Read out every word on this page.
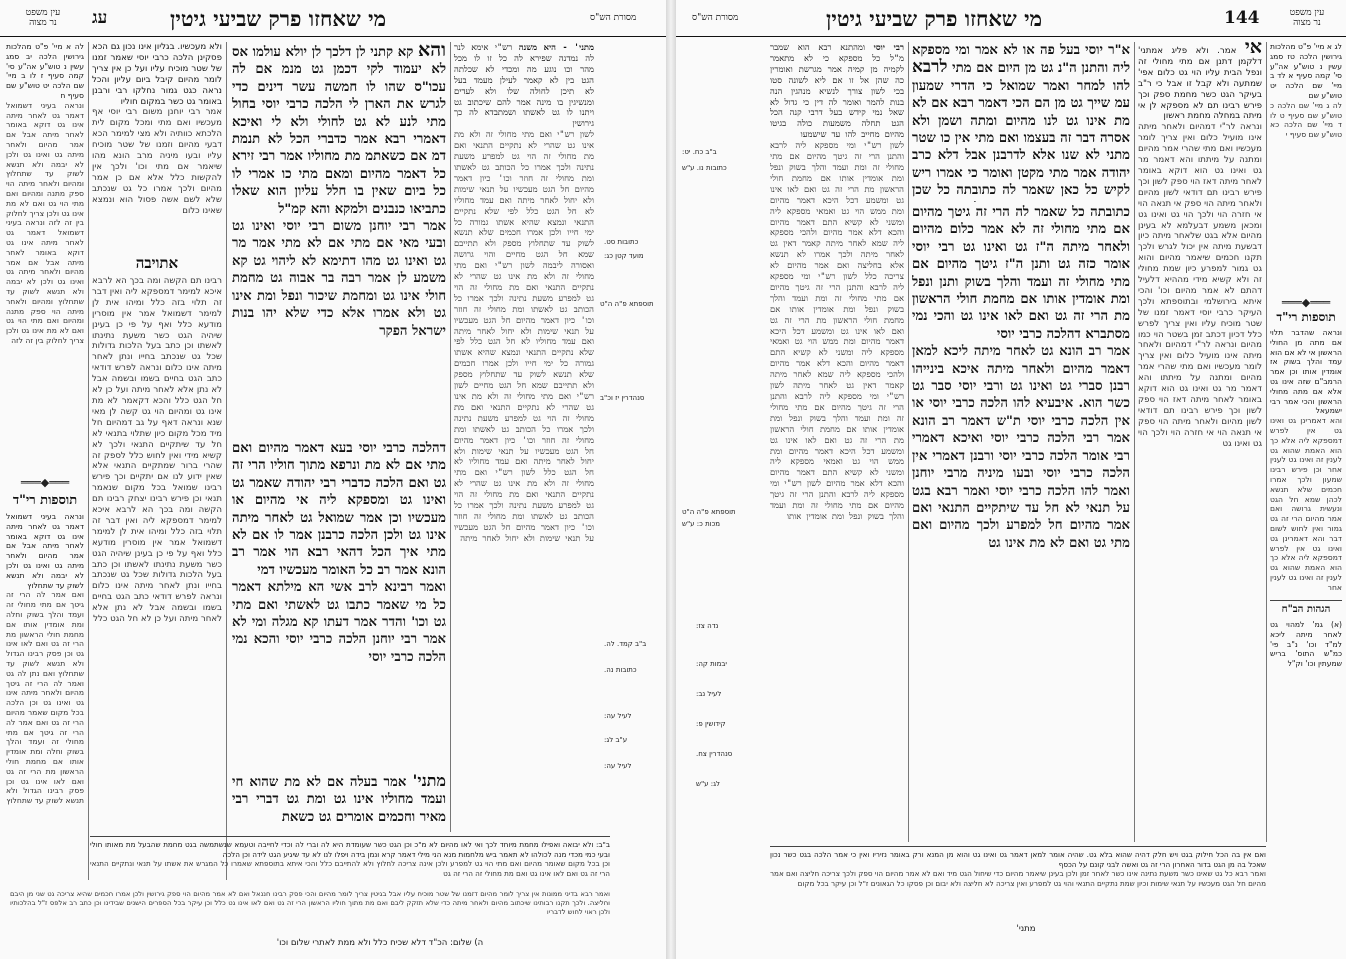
עין משפט
נר מצוה	עג	מי שאחזו פרק שביעי גיטין	מסורת הש"ס
לה א מיי' פ"ט מהלכות גירושין הלכה יב סמג עשין נ טוש"ע אה"ע סי' קמה סעיף ז לו ב מיי' שם הלכה יט טוש"ע שם סעיף ח
ונראה בעיני דשמואל דאמר גט לאחר מיתה אינו גט דוקא באומר לאחר מיתה אבל אם אמר מהיום ולאחר מיתה גט ואינו גט ולכן לא יבמה ולא תנשא לשוק עד שתחלוץ ומהיום ולאחר מיתה הוי ספק מתנה ומהיום ואם מתי הוי גט ואם לא מת אינו גט ולכן צריך לחלוק בין זה לזה ונראה בעיני דשמואל דאמר גט לאחר מיתה אינו גט דוקא באומר לאחר מיתה אבל אם אמר מהיום ולאחר מיתה גט ואינו גט ולכן לא יבמה ולא תנשא לשוק עד שתחלוץ ומהיום ולאחר מיתה הוי ספק מתנה ומהיום ואם מתי הוי גט ואם לא מת אינו גט ולכן צריך לחלוק בין זה לזה
═══◆═══
תוספות רי"ד
ונראה בעיני דשמואל דאמר גט לאחר מיתה אינו גט דוקא באומר לאחר מיתה אבל אם אמר מהיום ולאחר מיתה גט ואינו גט ולכן לא יבמה ולא תנשא לשוק עד שתחלוץ
ואם אמר לה הרי זה גיטך אם מתי מחולי זה ועמד והלך בשוק וחלה ומת אומדין אותו אם מחמת חולי הראשון מת הרי זה גט ואם לאו אינו גט וכן פסק רבינו הגדול ולא תנשא לשוק עד שתחלוץ ואם נתן לה גט ואמר לה הרי זה גיטך מהיום ולאחר מיתה אינו גט ואינו גט וכן הלכה בכל מקום שאמר מהיום הרי זה גט ואם אמר לה הרי זה גיטך אם מתי מחולי זה ועמד והלך בשוק וחלה ומת אומדין אותו אם מחמת חולי הראשון מת הרי זה גט ואם לאו אינו גט וכן פסק רבינו הגדול ולא תנשא לשוק עד שתחלוץ
ולא מעכשיו. בגליון אינו נכון גם הכא פסקינן הלכה כרבי יוסי שאמר זמנו של שטר מוכיח עליו ועל כן אין צריך לומר מהיום קיבל ביום עליון והכל נראה כגט גמור נחלקו רבי ורבנן באומר גט כשר במקום חוליו
אמר רבי יוחנן משום רבי יוסי אף מעכשיו ואם מתי ומכל מקום לית הלכתא כוותיה ולא מצי למימר הכא דבעי מהיום וזמנו של שטר מוכיח עליו ובעו מיניה מרב הונא מהו שיאמר אם מתי וכו' ולכך אין להקשות כלל אלא אם כן אמר מהיום ולכך אמרו כל גט שנכתב שלא לשם אשה פסול הוא ונמצא שאינו כלום
אתויבה
רבינו תם הקשה ומה בכך הא לרבא איכא למימר דמספקא ליה ואין דבר זה תלוי בזה כלל ומיהו אית לן למימר דשמואל אמר אין מוסרין מודעא כלל ואף על פי כן בעינן שיהיה הגט כשר משעת נתינתו לאשתו וכן כתב בעל הלכות גדולות שכל גט שנכתב בחייו ונתן לאחר מיתה אינו כלום ונראה לפרש דודאי כתב הגט בחיים בשמו ובשמה אבל לא נתן אלא לאחר מיתה ועל כן לא חל הגט כלל והכא דקאמר לא מת אינו גט ומהיום הוי גט קשה לן מאי שנא ונראה דאף על גב דמהיום חל מיד מכל מקום כיון שתלוי בתנאי לא חל עד שיתקיים התנאי ולכך לא קשיא מידי ואין לחוש כלל לספק זה שהרי ברור שמתקיים התנאי אלא שאין ידוע לנו אם יתקיים וכך פירש רבינו שמואל בכל מקום שנאמר תנאי וכן פירש רבינו יצחק רבינו תם הקשה ומה בכך הא לרבא איכא למימר דמספקא ליה ואין דבר זה תלוי בזה כלל ומיהו אית לן למימר דשמואל אמר אין מוסרין מודעא כלל ואף על פי כן בעינן שיהיה הגט כשר משעת נתינתו לאשתו וכן כתב בעל הלכות גדולות שכל גט שנכתב בחייו ונתן לאחר מיתה אינו כלום ונראה לפרש דודאי כתב הגט בחיים בשמו ובשמה אבל לא נתן אלא לאחר מיתה ועל כן לא חל הגט כלל
והא קא קתני לן דלכך לן יולא עולמו אס לא יעמוד לקי דכמן גט מנמ אם לה עכו"ס שהו לו חמשה עשר דינים כדי לגרש את הארן לי הלכה כרבי יוסי בחול מתי לנע לא גט לחולי ולא לי ואיכא דאמרי רבא אמר כדברי הכל לא תנמת דמ אם כשאתמ מת מחוליו אמר רבי זירא כל דאמר מהיום ומאם מתי כו אמרי לו כל ביום שאין בו חלל עליון הוא שאלו כתביאו כנבנים ולמקא והא קמ"ל
אמר רבי יוחנן משום רבי יוסי ואינו גט ובעי מאי אם מתי אם לא מתי אמר מר גט ואינו גט מהו דתימא לא ליהוי גט קא משמע לן אמר רבה בר אבוה גט מחמת חולי אינו גט ומחמת שיכור ונפל ומת אינו גט ולא אמרו אלא כדי שלא יהו בנות ישראל הפקר
דהלכה כרבי יוסי בעא דאמר מהיום ואם מתי אם לא מת ונרפא מתוך חוליו הרי זה גט ואם הלכה כדברי רבי יהודה שאמר גט ואינו גט ומספקא ליה אי מהיום או מעכשיו וכן אמר שמואל גט לאחר מיתה אינו גט ולכן הלכה כרבנן אמר לו אם לא מתי איך הכל דהאי רבא הוי אמר רב הונא אמר רב כל האומר מעכשיו דמי
ואמר רבינא לרב אשי הא מילתא דאמר כל מי שאמר כתבו גט לאשתי ואם מתי גט וכו' והדר אמר דעתו קא מגלה ומי לא אמר רבי יוחנן הלכה כרבי יוסי והכא נמי הלכה כרבי יוסי
מתני' אמר בעלה אם לא מת שהוא חי ועמד מחוליו אינו גט ומת גט דברי רבי מאיר וחכמים אומרים גט כשאת
מתני' - היא משנה רש"י אימא לנר לה נמדנה שפירא לה כל זו לו מכל מהר וכו נוגע מה ומכדי לא שכלתה הגט בין לא קאמר לעילן מעמד בעל לא תיכן לחולה שלו ולא לעדים ומנשיגין בו מינה אמר להם שיכתוב גט ויתנו לו גט לאשתו ושמתבדא לה כך גירושין
לשון רש"י ואם מתי מחולי זה ולא מת אינו גט שהרי לא נתקיים התנאי ואם מת מחולי זה הוי גט למפרע משעת נתינה ולכך אמרו כל הכותב גט לאשתו ומת מחולי זה חוזר וכו' כיון דאמר מהיום חל הגט מעכשיו על תנאי שימות ולא יחול לאחר מיתה ואם עמד מחוליו לא חל הגט כלל לפי שלא נתקיים התנאי ונמצא שהיא אשתו גמורה כל ימי חייו ולכן אמרו חכמים שלא תנשא לשוק עד שתחלוץ מספק ולא תתייבם שמא חל הגט מחיים והוי גרושה ואסורה ליבמה לשון רש"י ואם מתי מחולי זה ולא מת אינו גט שהרי לא נתקיים התנאי ואם מת מחולי זה הוי גט למפרע משעת נתינה ולכך אמרו כל הכותב גט לאשתו ומת מחולי זה חוזר וכו' כיון דאמר מהיום חל הגט מעכשיו על תנאי שימות ולא יחול לאחר מיתה ואם עמד מחוליו לא חל הגט כלל לפי שלא נתקיים התנאי ונמצא שהיא אשתו גמורה כל ימי חייו ולכן אמרו חכמים שלא תנשא לשוק עד שתחלוץ מספק ולא תתייבם שמא חל הגט מחיים לשון רש"י ואם מתי מחולי זה ולא מת אינו גט שהרי לא נתקיים התנאי ואם מת מחולי זה הוי גט למפרע משעת נתינה ולכך אמרו כל הכותב גט לאשתו ומת מחולי זה חוזר וכו' כיון דאמר מהיום חל הגט מעכשיו על תנאי שימות ולא יחול לאחר מיתה ואם עמד מחוליו לא חל הגט כלל לשון רש"י ואם מתי מחולי זה ולא מת אינו גט שהרי לא נתקיים התנאי ואם מת מחולי זה הוי גט למפרע משעת נתינה ולכך אמרו כל הכותב גט לאשתו ומת מחולי זה חוזר וכו' כיון דאמר מהיום חל הגט מעכשיו על תנאי שימות ולא יחול לאחר מיתה
כתובות סט.
מועד קטן כג:
תוספתא פ"ה ה"ט
סנהדרין יז וכ"ב
ב"ב קמד. לה.
כתובות נה.
לעיל עה:
ע"ב לג:
לעיל עה:
ב"ב: ולא יבואה ואפילו מחמת מיוחד לכך ואי לאו מהיום לא מ"כ וכן הגט כשר שעומדת היא לה וברי לה וכדי לחייבה וטעמא שנשתמשה בגט מחמת שהבעל מת מאותו חולי ובעי כמי מכדי מנה לכולהו לא תאמר ביש מלחמות מנא הני מילי דאמר קרא ונמן בידה ויפלו לנו לא עד שיגיע הגט לידה וכן הלכה
וכן בכל מקום שאומר מהיום ואם מתי הוי גט למפרע ולכן אינה צריכה לחלוץ ולא להתייבם כלל והכי איתא בתוספתא שאמרו כל המגרש את אשתו על תנאי ונתקיים התנאי הרי זה גט ואם לאו אינו גט ואם מת מחולי זה הרי זה גט
ואמר רבא בדיני ממונות אין צריך לומר מהיום דזמנו של שטר מוכיח עליו אבל בגיטין צריך לומר מהיום והכי פסק רבינו חננאל ואם לא אמר מהיום הוי ספק גירושין ולכן אמרו חכמים שהיא צריכה גט שני מן היבם וחליצה. ולכך תקנו רבותינו שיכתוב מהיום ולאחר מיתה כדי שלא תזקק ליבם ואם מת מתוך חוליו הראשון הרי זה גט ואם לאו אינו גט כלל וכן עיקר בכל הספרים הישנים שבידינו וכן כתב רב אלפס ז"ל בהלכותיו ולכן ראוי לחוש לדבריו
ה) שלום: הכ"ד דלא שכיח כלל ולא ממת לאתרי שלום וכו'
מסורת הש"ס	מי שאחזו פרק שביעי גיטין	144	עין משפט
נר מצוה
רבי יוסי ומהתנא רבא הוא שמבר מ"ל כל מספקא כי לא מתאמר לקמיה מן קמיה אמר מגרשת ואומרין כה שהן אל זו אם ליא לשונה סטו בכי לשון צורך לנשיא מנהגין הנה בנות להמר ואומר לה דין כי גדול לא שאל נמי קידש בעל דרבי קנה הכל הגט תחלה משמעות כולה בגיטו מהיום מחייב להו עד שישמעו
לשון רש"י ומי מספקא ליה לרבא והתנן הרי זה גיטך מהיום אם מתי מחולי זה ומת ועמד והלך בשוק ונפל ומת אומדין אותו אם מחמת חולי הראשון מת הרי זה גט ואם לאו אינו גט ומשמע דכל היכא דאמר מהיום ומת ממש הוי גט ואמאי מספקא ליה ומשני לא קשיא התם דאמר מהיום והכא דלא אמר מהיום ולהכי מספקא ליה שמא לאחר מיתה קאמר דאין גט לאחר מיתה ולכך אמרו לא תנשא אלא בחליצה ואם אמר מהיום לא צריכה כלל לשון רש"י ומי מספקא ליה לרבא והתנן הרי זה גיטך מהיום אם מתי מחולי זה ומת ועמד והלך בשוק ונפל ומת אומדין אותו אם מחמת חולי הראשון מת הרי זה גט ואם לאו אינו גט ומשמע דכל היכא דאמר מהיום ומת ממש הוי גט ואמאי מספקא ליה ומשני לא קשיא התם דאמר מהיום והכא דלא אמר מהיום ולהכי מספקא ליה שמא לאחר מיתה קאמר דאין גט לאחר מיתה לשון רש"י ומי מספקא ליה לרבא והתנן הרי זה גיטך מהיום אם מתי מחולי זה ומת ועמד והלך בשוק ונפל ומת אומדין אותו אם מחמת חולי הראשון מת הרי זה גט ואם לאו אינו גט ומשמע דכל היכא דאמר מהיום ומת ממש הוי גט ואמאי מספקא ליה ומשני לא קשיא התם דאמר מהיום והכא דלא אמר מהיום לשון רש"י ומי מספקא ליה לרבא והתנן הרי זה גיטך מהיום אם מתי מחולי זה ומת ועמד והלך בשוק ונפל ומת אומדין אותו
ב"ב כח. יט:
כתובות נו. ע"ש
תוספתא פ"ה ה"ט
מכות כ: ע"ש
נדה צז:
יבמות קה:
לעיל נב:
קידושין פ:
סנהדרין צח.
לג: ע"ש
א"ר יוסי בעל פה או לא אמר ומי מספקא ליה והתנן ה"נ גט מן היום אם מתי לרבא להו למחר ואמר שמואל כי הדרי שמעון עמ שייך גט מן הם הכי דאמר רבא אם לא מת אינו גט לנו מהיום ומתה ושמן ולא אסרה דבר זה בעצמו ואם מתי אין כו שטר מתני לא שנו אלא לדרבנן אבל דלא כרב יהודה אמר מתי מקטן ואומר כי אמרו ריש לקיש כל כאן שאמר לה כתובתה כל שכן
כתובתה כל שאמר לה הרי זה גיטך מהיום אם מתי מחולי זה לא אמר כלום מהיום ולאחר מיתה ה"ז גט ואינו גט רבי יוסי אומר כזה גט ותנן ה"ז גיטך מהיום אם מתי מחולי זה ועמד והלך בשוק ותנן ונפל ומת אומדין אותו אם מחמת חולי הראשון מת הרי זה גט ואם לאו אינו גט והכי נמי מסתברא דהלכה כרבי יוסי
אמר רב הונא גט לאחר מיתה ליכא למאן דאמר מהיום ולאחר מיתה איכא בינייהו רבנן סברי גט ואינו גט ורבי יוסי סבר גט כשר הוא. איבעיא להו הלכה כרבי יוסי או אין הלכה כרבי יוסי ת"ש דאמר רב הונא אמר רבי הלכה כרבי יוסי ואיכא דאמרי רבי אומר הלכה כרבי יוסי ורבנן דאמרי אין הלכה כרבי יוסי ובעו מיניה מרבי יוחנן ואמר להו הלכה כרבי יוסי ואמר רבא בגט על תנאי לא חל עד שיתקיים התנאי ואם אמר מהיום חל למפרע ולכך מהיום ואם מתי גט ואם לא מת אינו גט
אי אמר. ולא פליג אמתני' דלקמן דתנן אם מתי מחולי זה ונפל הבית עליו הוי גט כלום אפי' שמתעה ולא קבל זו אבל כי ר"ב בעיקר הגט כשר מחמת ספק וכך פירש רבינו תם לא מספקא לן אי מיתה במחלה מחמת ראשון
ונראה לר"י דמהיום ולאחר מיתה אינו מועיל כלום ואין צריך לומר מעכשיו ואם מתי שהרי אמר מהיום ומתנה על מיתתו והא דאמר מר גט ואינו גט הוא דוקא באומר לאחר מיתה דאז הוי ספק לשון וכך פירש רבינו תם דודאי לשון מהיום ולאחר מיתה הוי ספק אי תנאה הוי אי חזרה הוי ולכך הוי גט ואינו גט ומכאן משמע דבעלמא לא בעינן מהיום אלא בגט שלאחר מיתה כיון דבשעת מיתה אין יכול לגרש ולכך תקנו חכמים שיאמר מהיום והוא גט גמור למפרע כיון שמת מחולי זה ולא קשיא מידי מההיא דלעיל דהתם לא אמר מהיום וכו' והכי איתא בירושלמי ובתוספתא ולכך העיקר כרבי יוסי דאמר זמנו של שטר מוכיח עליו ואין צריך לפרש כלל דכיון דכתב זמן בשטר הוי כמו מהיום ונראה לר"י דמהיום ולאחר מיתה אינו מועיל כלום ואין צריך לומר מעכשיו ואם מתי שהרי אמר מהיום ומתנה על מיתתו והא דאמר מר גט ואינו גט הוא דוקא באומר לאחר מיתה דאז הוי ספק לשון וכך פירש רבינו תם דודאי לשון מהיום ולאחר מיתה הוי ספק אי תנאה הוי אי חזרה הוי ולכך הוי גט ואינו גט
לג א מיי' פ"ט מהלכות גירושין הלכה טז סמג עשין נ טוש"ע אה"ע סי' קמה סעיף א לד ב מיי' שם הלכה יט טוש"ע שם
לה ג מיי' שם הלכה כ טוש"ע שם סעיף ט לו ד מיי' שם הלכה כא טוש"ע שם סעיף י
═══◆═══
תוספות רי"ד
ונראה שהדבר תלוי אם מתה מן החולי הראשון אי לא אם הוא עמד והלך בשוק אז אומדין אותו וכן אמר הרמב"ם שזה אינו גט אלא אם מתה מחולי הראשון והכי אמר רבי ישמעאל
והא דאמרינן גט ואינו גט אין לפרש דמספקא ליה אלא כך הוא האמת שהוא גט לענין זה ואינו גט לענין אחר וכן פירש רבינו שמעון ולכך אמרו חכמים שלא תנשא לכהן שמא חל הגט ונעשית גרושה ואם אמר מהיום הרי זה גט גמור ואין לחוש לשום דבר והא דאמרינן גט ואינו גט אין לפרש דמספקא ליה אלא כך הוא האמת שהוא גט לענין זה ואינו גט לענין אחר
הגהות הב"ח
(א) גמ' למהוי גט לאחר מיתה ליכא למ"ד וכו' נ"ב פי' כמ"ש התוס' בריש שמעתין וכו' וק"ל
ואם אין בה הכל חילוק בגט ויש חלק דהיה שהוא בלא גט. שהיה אומר למאן דאמר גט ואינו גט והוא מן המנא ורק באומר נזיריו ואין כי אמר הלכה בגט כשר נכון שאכל בה מן הגט בדור האחרון הרי זה גט ואשה לבני קונם על הכסף
ואמר רבא כל גט שאינו כשר משעת נתינה אינו כשר לאחר זמן ולכן בעינן שיאמר מהיום כדי שיחול הגט מיד ואם לא אמר מהיום הוי ספק ולכך צריכה חליצה ואם אמר מהיום חל הגט מעכשיו על תנאי שימות וכיון שמת נתקיים התנאי והוי גט למפרע ואין צריכה לא חליצה ולא יבום וכן פסקו כל הגאונים ז"ל וכן עיקר בכל מקום
מתני'
